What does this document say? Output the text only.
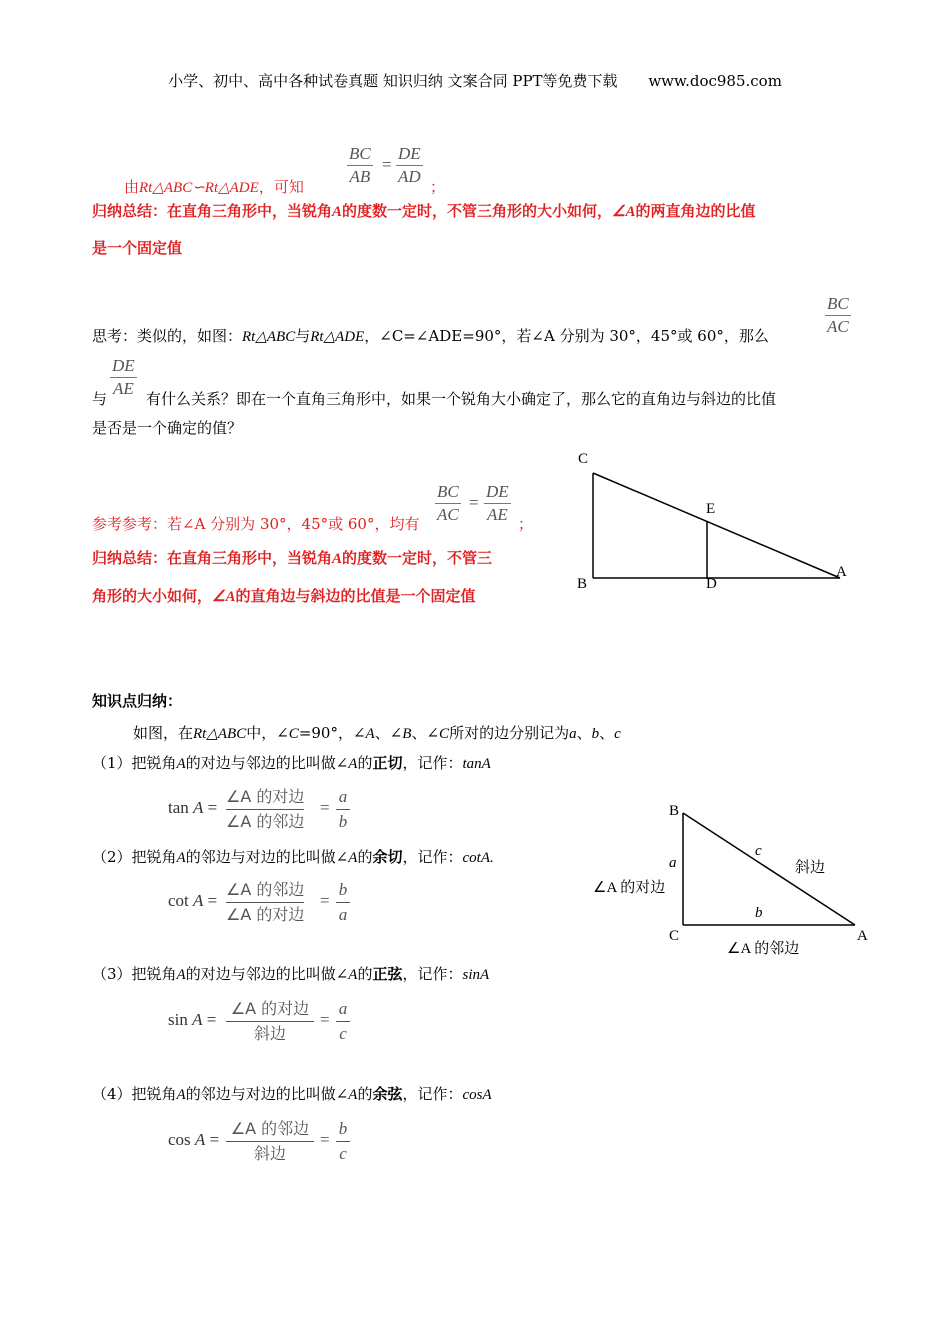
小学、初中、高中各种试卷真题 知识归纳 文案合同 PPT等免费下载 www.doc985.com
$\frac{BC}{AB} = \frac{DE}{AD}$
由Rt△ABC∽Rt△ADE，可知	；
归纳总结：在直角三角形中，当锐角A的度数一定时，不管三角形的大小如何，∠A的两直角边的比值
是一个固定值
思考：类似的，如图：Rt△ABC与Rt△ADE，∠C=∠ADE=90°，若∠A 分别为 30°，45°或 60°，那么	$\frac{BC}{AC}$
$\frac{DE}{AE}$
与	有什么关系？即在一个直角三角形中，如果一个锐角大小确定了，那么它的直角边与斜边的比值
是否是一个确定的值？
C
E
B	D
A
$\frac{BC}{AC} = \frac{DE}{AE}$
参考参考：若∠A 分别为 30°，45°或 60°，均有	；
归纳总结：在直角三角形中，当锐角A的度数一定时，不管三
角形的大小如何，∠A的直角边与斜边的比值是一个固定值
知识点归纳：
如图，在Rt△ABC中，∠C=90°，∠A、∠B、∠C所对的边分别记为a、b、c
（1）把锐角A的对边与邻边的比叫做∠A的正切，记作：tanA
tan A =
∠A 的对边
∠A 的邻边
= $\frac{a}{b}$
（2）把锐角A的邻边与对边的比叫做∠A的余切，记作：cotA.
cot A =
∠A 的邻边
∠A 的对边
= $\frac{b}{a}$
（3）把锐角A的对边与邻边的比叫做∠A的正弦，记作：sinA
sin A =
∠A 的对边
斜边
= $\frac{a}{c}$
（4）把锐角A的邻边与对边的比叫做∠A的余弦，记作：cosA
cos A =
∠A 的邻边
斜边
= $\frac{b}{c}$
B
C	A
a
b
c
∠A 的对边
∠A 的邻边
斜边
